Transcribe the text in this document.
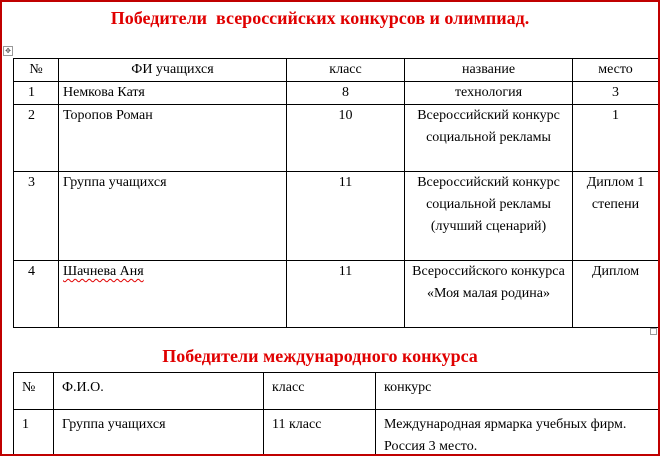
Победители  всероссийских конкурсов и олимпиад.
✥
№	ФИ учащихся	класс	название	место
1	Немкова Катя	8	технология	3
2	Торопов Роман	10	Всероссийский конкурс социальной рекламы	1
3	Группа учащихся	11	Всероссийский конкурс социальной рекламы (лучший сценарий)	Диплом 1 степени
4	Шачнева Аня	11	Всероссийского конкурса «Моя малая родина»	Диплом
Победители международного конкурса
№	Ф.И.О.	класс	конкурс
1	Группа учащихся	11 класс	Международная ярмарка учебных фирм. Россия 3 место.
